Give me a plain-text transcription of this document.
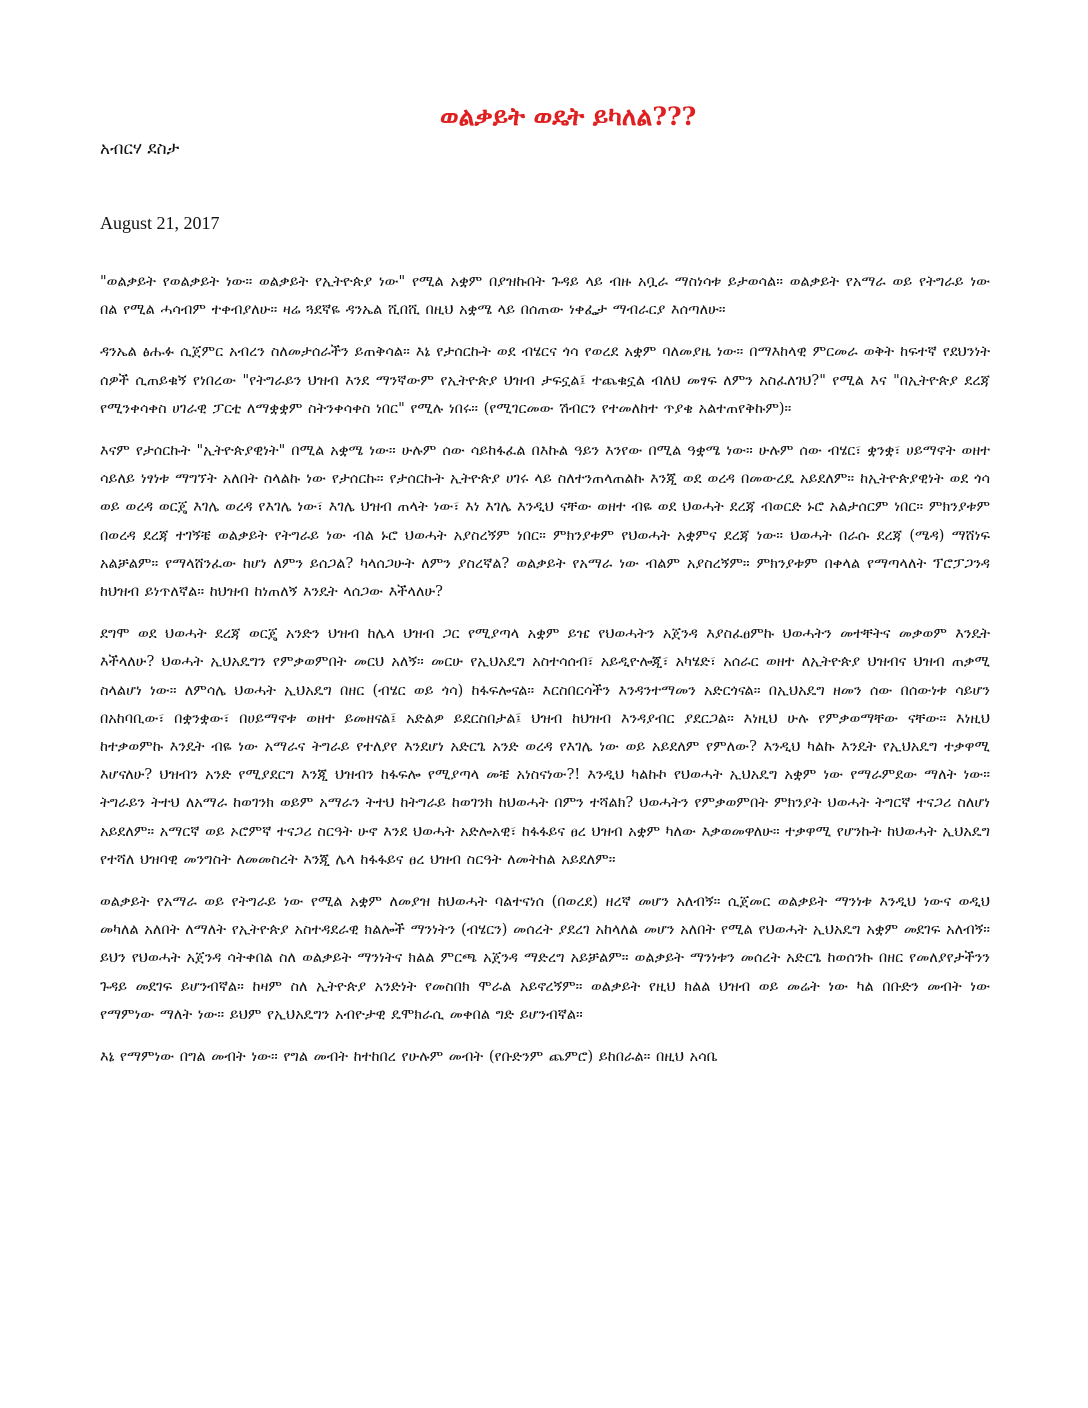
ወልቃይት ወዴት ይካለል???

አብርሃ ደስታ

August 21, 2017

"ወልቃይት የወልቃይት ነው። ወልቃይት የኢትዮጵያ ነው" የሚል አቋም በያዝኩበት ጉዳይ ላይ ብዙ አቧራ ማስነሳቱ ይታወሳል። ወልቃይት የአማራ ወይ የትግራይ ነው በል የሚል ሓሳብም ተቀብያለሁ። ዛሬ ጓደኛዬ ዳንኤል ሺበሺ በዚህ አቋሜ ላይ በሰጠው ነቀፌታ ማብራርያ እሰጣለሁ።

ዳንኤል ፅሑፉ ሲጀምር አብረን ስለመታሰራችን ይጠቅሳል። እኔ የታሰርኩት ወደ ብሄርና ጎሳ የወረደ አቋም ባለመያዜ ነው። በማእከላዊ ምርመራ ወቅት ከፍተኛ የደህንነት ሰዎች ሲጠይቁኝ የነበረው "የትግራይን ህዝብ እንደ ማንኛውም የኢትዮጵያ ህዝብ ታፍኗል፤ ተጨቁኗል ብለህ መፃፍ ለምን አስፈለገህ?" የሚል እና "በኢትዮጵያ ደረጃ የሚንቀሳቀስ ሀገራዊ ፓርቲ ለማቋቋም ስትንቀሳቀስ ነበር" የሚሉ ነበሩ። (የሚገርመው ሽብርን የተመለከተ ጥያቄ አልተጠየቅኩም)።

እናም የታሰርኩት "ኢትዮጵያዊነት" በሚል አቋሜ ነው። ሁሉም ሰው ሳይከፋፈል በእኩል ዓይን እንየው በሚል ዓቋሜ ነው። ሁሉም ሰው ብሄር፣ ቋንቋ፣ ሀይማኖት ወዘተ ሳይለይ ነፃነቱ ማግኘት አለበት ስላልኩ ነው የታሰርኩ። የታሰርኩት ኢትዮጵያ ሀገሩ ላይ ስለተንጠላጠልኩ እንጂ ወደ ወረዳ በመውረዴ አይደለም። ከኢትዮጵያዊነት ወደ ጎሳ ወይ ወረዳ ወርጄ እገሌ ወረዳ የእገሌ ነው፣ እገሌ ህዝብ ጠላት ነው፣ እነ እገሌ እንዲህ ናቸው ወዘተ ብዬ ወደ ህወሓት ደረጃ ብወርድ ኑሮ አልታሰርም ነበር። ምክንያቱም በወረዳ ደረጃ ተገኝቼ ወልቃይት የትግራይ ነው ብል ኑሮ ህወሓት አያስረኝም ነበር። ምክንያቱም የህወሓት አቋምና ደረጃ ነው። ህወሓት በራሱ ደረጃ (ሜዳ) ማሸነፍ አልቻልም። የማላሸንፈው ከሆነ ለምን ይሰጋል? ካላሰጋሁት ለምን ያስረኛል? ወልቃይት የአማራ ነው ብልም አያስረኝም። ምክንያቱም በቀላል የማጣላለት ፕሮፓጋንዳ ከህዝብ ይነጥለኛል። ከህዝብ ከነጠለኝ እንዴት ላሰጋው እችላለሁ?

ደግሞ ወደ ህወሓት ደረጃ ወርጄ አንድን ህዝብ ከሌላ ህዝብ ጋር የሚያጣላ አቋም ይዤ የህወሓትን አጀንዳ እያስፈፀምኩ ህወሓትን መተቸትና መቃወም እንዴት እችላለሁ? ህወሓት ኢህአዴግን የምቃወምበት መርህ አለኝ። መርሁ የኢህአዴግ አስተሳሰብ፣ አይዲዮሎጂ፣ አካሄድ፣ አሰራር ወዘተ ለኢትዮጵያ ህዝብና ህዝብ ጠቃሚ ስላልሆነ ነው። ለምሳሌ ህወሓት ኢህአዴግ በዘር (ብሄር ወይ ጎሳ) ከፋፍሎናል። እርስበርሳችን እንዳንተማመን አድርጎናል። በኢህአዴግ ዘመን ሰው በሰውነቱ ሳይሆን በአከባቢው፣ በቋንቋው፣ በሀይማኖቱ ወዘተ ይመዘናል፤ አድልዎ ይደርስበታል፤ ህዝብ ከህዝብ እንዳያብር ያደርጋል። እነዚህ ሁሉ የምቃወማቸው ናቸው። እነዚህ ከተቃወምኩ እንዴት ብዬ ነው አማራና ትግራይ የተለያየ እንደሆነ አድርጌ አንድ ወረዳ የእገሌ ነው ወይ አይደለም የምለው? እንዲህ ካልኩ እንዴት የኢህአዴግ ተቃዋሚ እሆናለሁ? ህዝብን አንድ የሚያደርግ እንጂ ህዝብን ከፋፍሎ የሚያጣላ መቼ አነስናነው?! እንዲህ ካልኩኮ የህወሓት ኢህአዴግ አቋም ነው የማራምደው ማለት ነው። ትግራይን ትተህ ለአማራ ከወገንክ ወይም አማራን ትተህ ከትግራይ ከወገንክ ከህወሓት በምን ተሻልክ? ህወሓትን የምቃወምበት ምክንያት ህወሓት ትግርኛ ተናጋሪ ስለሆነ አይደለም። አማርኛ ወይ ኦሮምኛ ተናጋሪ ስርዓት ሁኖ እንደ ህወሓት አድሎአዊ፣ ከፋፋይና ፀረ ህዝብ አቋም ካለው እቃወመዋለሁ። ተቃዋሚ የሆንኩት ከህወሓት ኢህአዴግ የተሻለ ህዝባዊ መንግስት ለመመስረት እንጂ ሌላ ከፋፋይና ፀረ ህዝብ ስርዓት ለመትከል አይደለም።

ወልቃይት የአማራ ወይ የትግራይ ነው የሚል አቋም ለመያዝ ከህወሓት ባልተናነሰ (በወረደ) ዘረኛ መሆን አለብኝ። ሲጀመር ወልቃይት ማንነቱ እንዲህ ነውና ወዲህ መካለል አለበት ለማለት የኢትዮጵያ አስተዳደራዊ ክልሎች ማንነትን (ብሄርን) መሰረት ያደረገ አከላለል መሆን አለበት የሚል የህወሓት ኢህአዴግ አቋም መደገፍ አለብኝ። ይህን የህወሓት አጀንዳ ሳትቀበል ስለ ወልቃይት ማንነትና ክልል ምርጫ አጀንዳ ማድረግ አይቻልም። ወልቃይት ማንነቱን መሰረት አድርጌ ከወሰንኩ በዘር የመለያየታችንን ጉዳይ መደገፍ ይሆንብኛል። ከዛም ስለ ኢትዮጵያ አንድነት የመስበክ ሞራል አይኖረኝም። ወልቃይት የዚህ ክልል ህዝብ ወይ መሬት ነው ካል በቡድን መብት ነው የማምነው ማለት ነው። ይህም የኢህአዴግን አብዮታዊ ዴሞክራሲ መቀበል ግድ ይሆንብኛል።

እኔ የማምነው በግል መብት ነው። የግል መብት ከተከበረ የሁሉም መብት (የቡድንም ጨምሮ) ይከበራል። በዚህ አሳቤ
